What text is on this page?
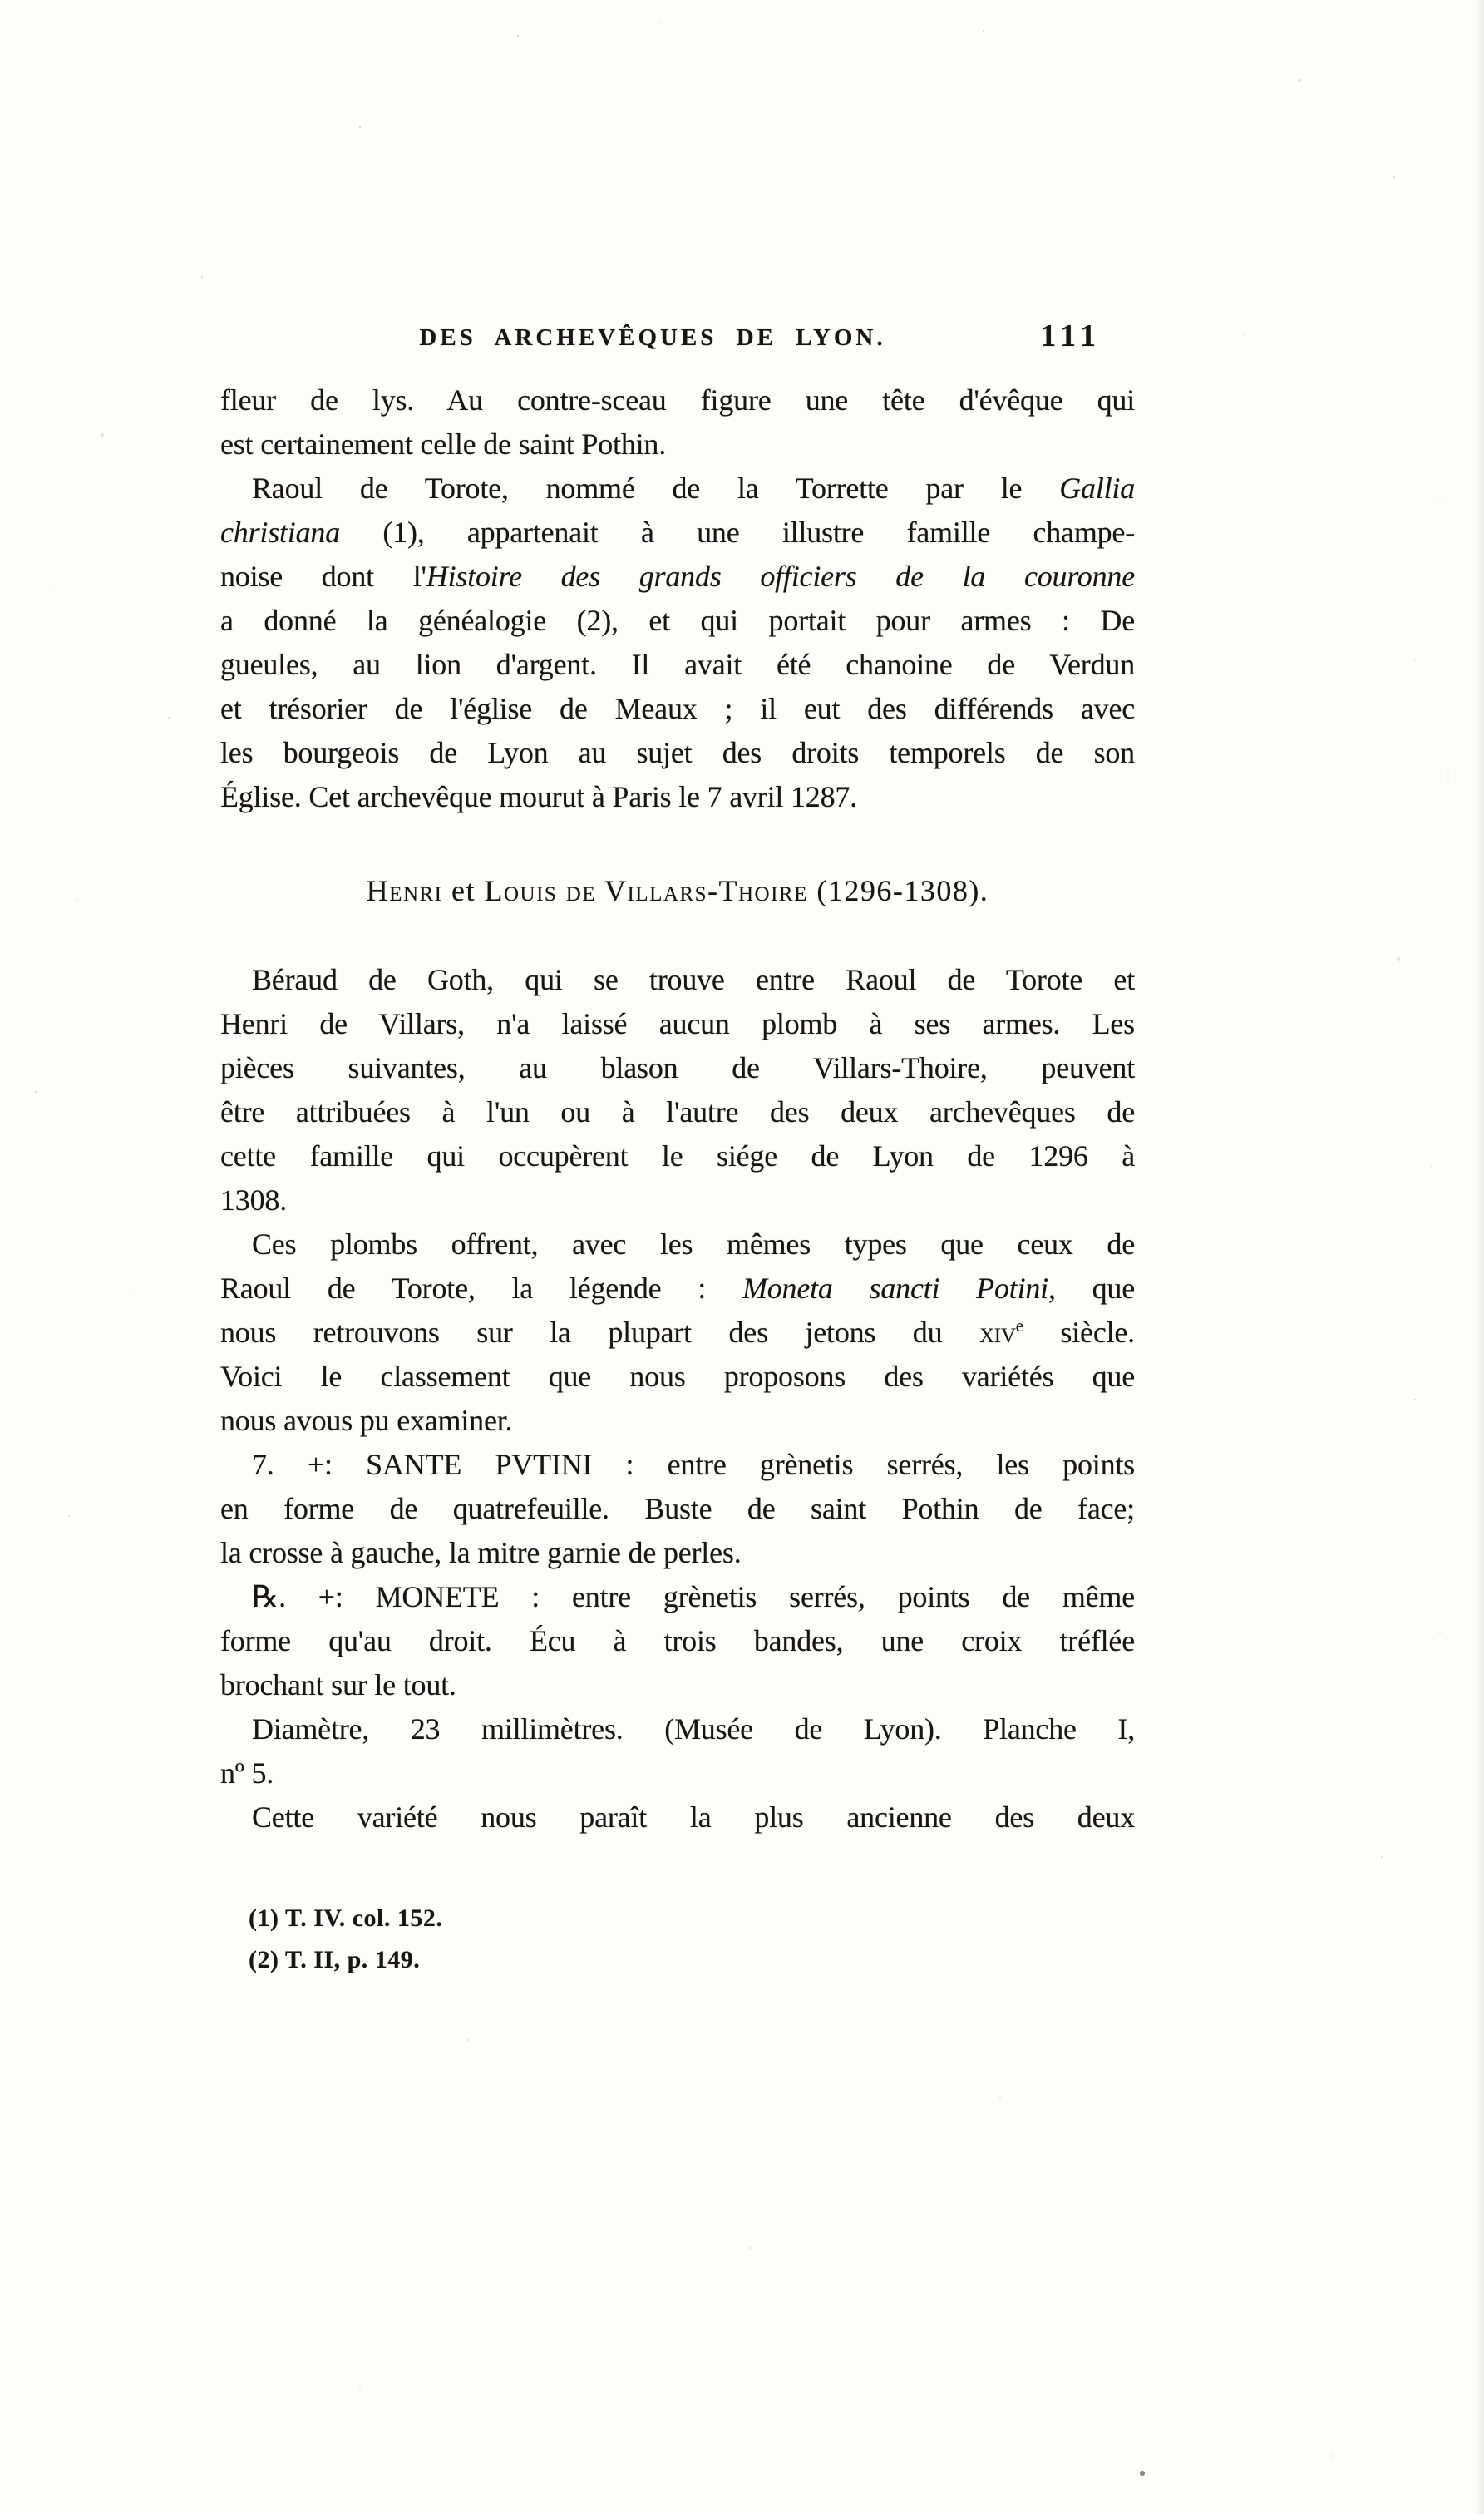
DES ARCHEVÊQUES DE LYON.	111
fleur de lys. Au contre-sceau figure une tête d'évêque qui
est certainement celle de saint Pothin.
Raoul de Torote, nommé de la Torrette par le Gallia
christiana (1), appartenait à une illustre famille champe-
noise dont l'Histoire des grands officiers de la couronne
a donné la généalogie (2), et qui portait pour armes : De
gueules, au lion d'argent. Il avait été chanoine de Verdun
et trésorier de l'église de Meaux ; il eut des différends avec
les bourgeois de Lyon au sujet des droits temporels de son
Église. Cet archevêque mourut à Paris le 7 avril 1287.
Henri et Louis de Villars-Thoire (1296-1308).
Béraud de Goth, qui se trouve entre Raoul de Torote et
Henri de Villars, n'a laissé aucun plomb à ses armes. Les
pièces suivantes, au blason de Villars-Thoire, peuvent
être attribuées à l'un ou à l'autre des deux archevêques de
cette famille qui occupèrent le siége de Lyon de 1296 à
1308.
Ces plombs offrent, avec les mêmes types que ceux de
Raoul de Torote, la légende : Moneta sancti Potini, que
nous retrouvons sur la plupart des jetons du xiv$^e$ siècle.
Voici le classement que nous proposons des variétés que
nous avous pu examiner.
7. +: SANTE PVTINI : entre grènetis serrés, les points
en forme de quatrefeuille. Buste de saint Pothin de face;
la crosse à gauche, la mitre garnie de perles.
℞. +: MONETE : entre grènetis serrés, points de même
forme qu'au droit. Écu à trois bandes, une croix tréflée
brochant sur le tout.
Diamètre, 23 millimètres. (Musée de Lyon). Planche I,
nº 5.
Cette variété nous paraît la plus ancienne des deux
(1) T. IV. col. 152.
(2) T. II, p. 149.
